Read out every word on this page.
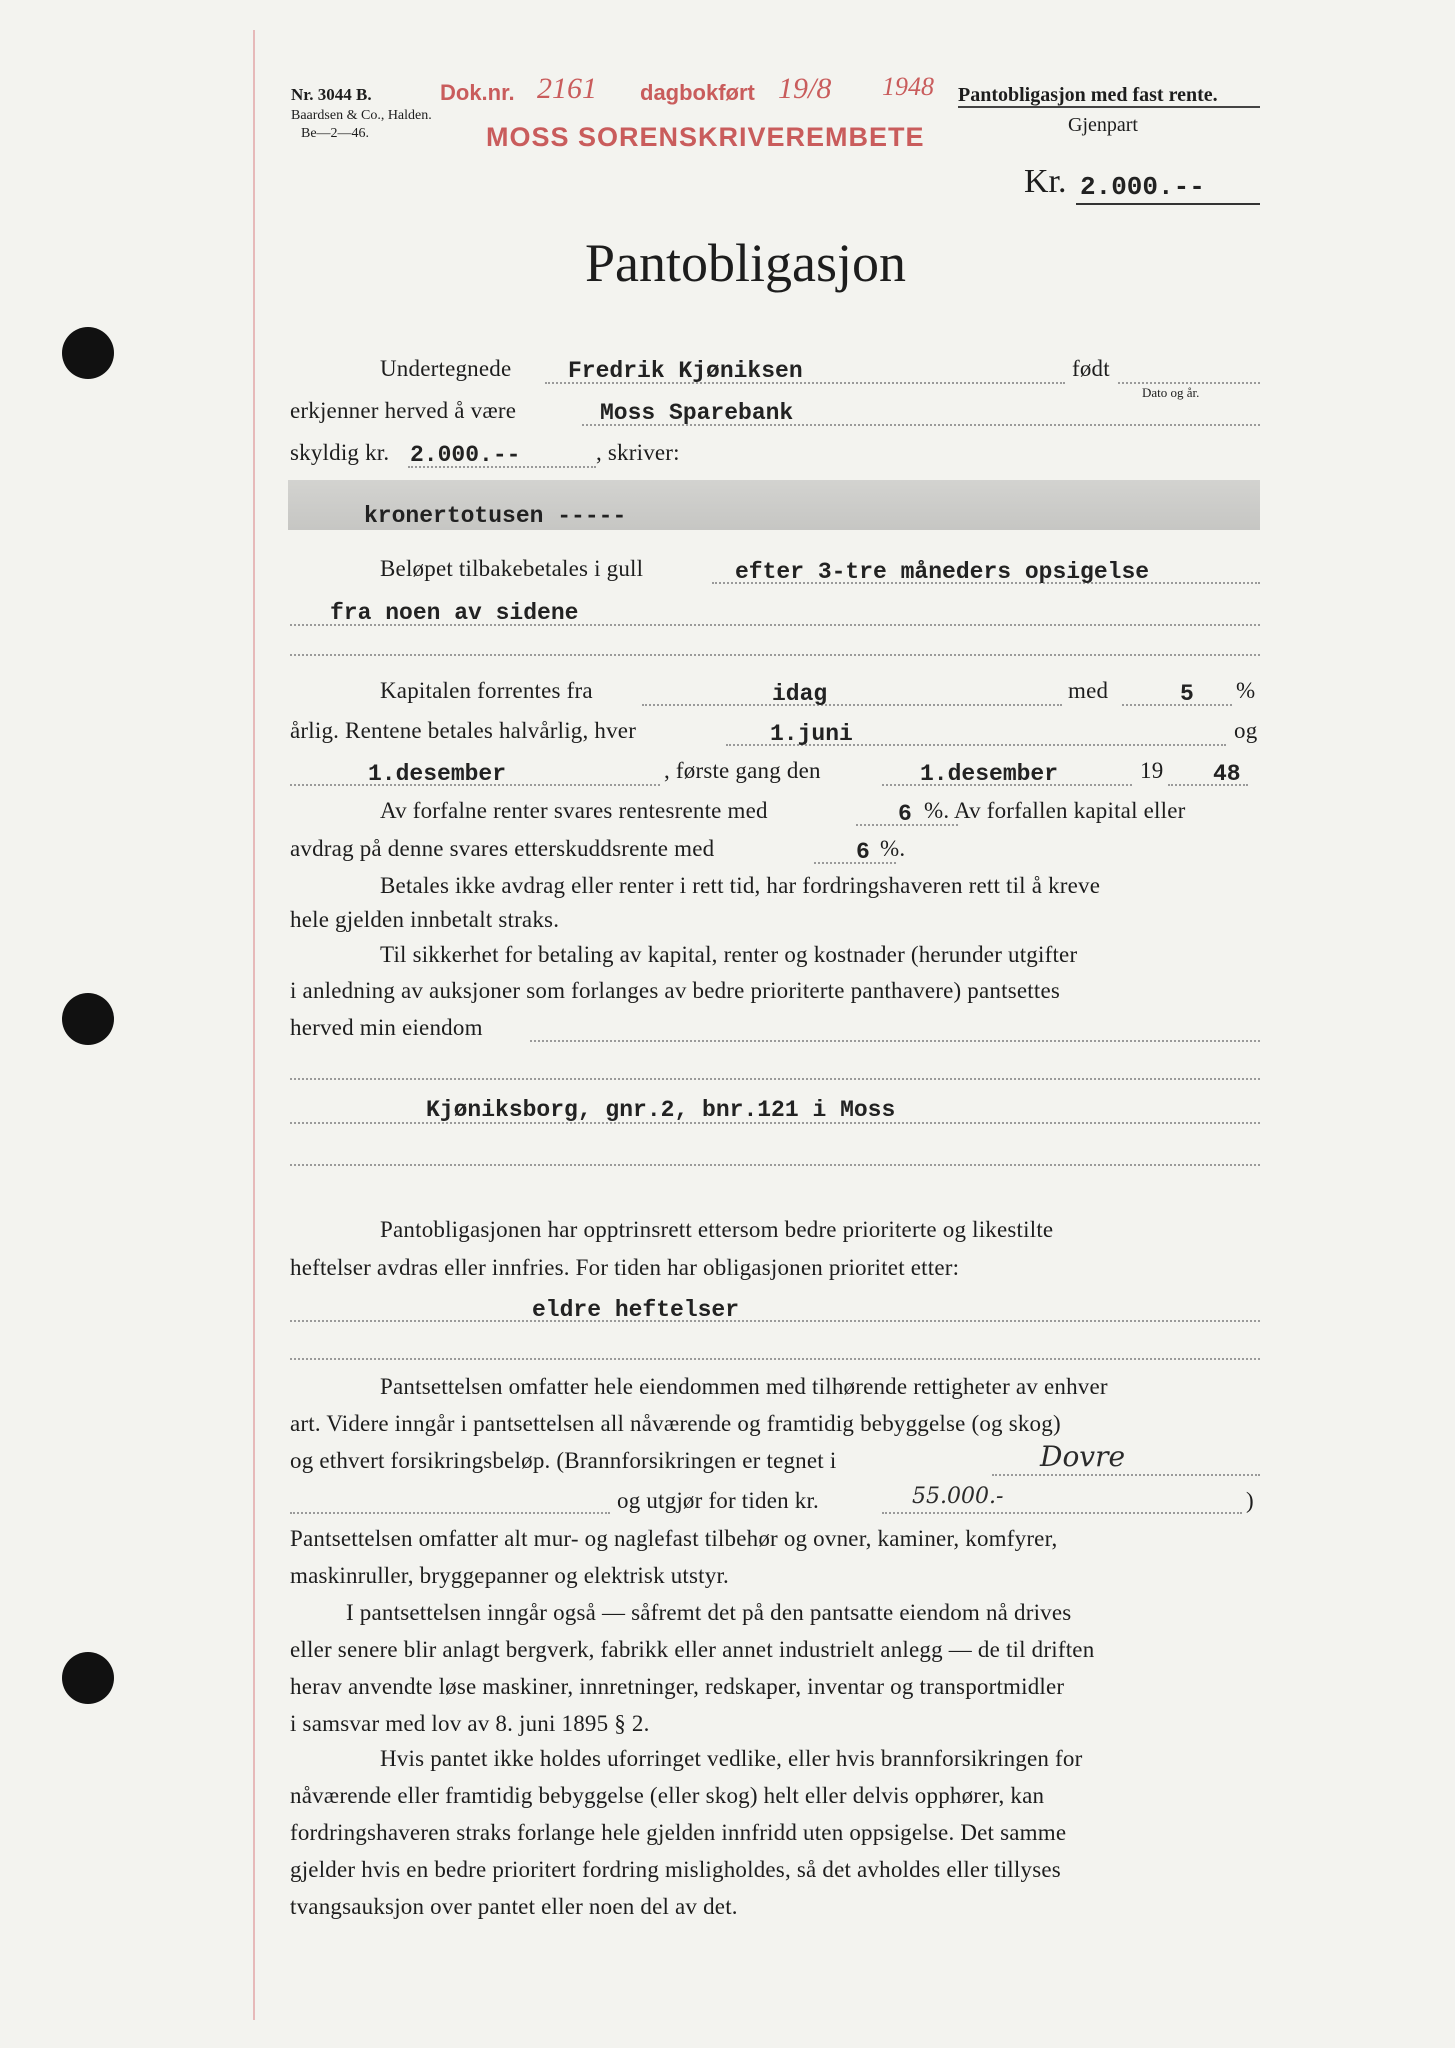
Nr. 3044 B.
Baardsen & Co., Halden.
Be—2—46.
Dok.nr. 2161 dagbokført 19/8 1948
MOSS SORENSKRIVEREMBETE
Pantobligasjon med fast rente.
Gjenpart
Kr. 2.000.--
Pantobligasjon
Undertegnede Fredrik Kjøniksen	født
Dato og år.
erkjenner herved å være	Moss Sparebank
skyldig kr. 2.000.--	, skriver:
kronertotusen -----
Beløpet tilbakebetales i gull	efter 3-tre måneders opsigelse
fra noen av sidene
Kapitalen forrentes fra	idag	med	5 %
årlig. Rentene betales halvårlig, hver	1.juni	og
1.desember	, første gang den	1.desember	19 48
Av forfalne renter svares rentesrente med	6 %. Av forfallen kapital eller
avdrag på denne svares etterskuddsrente med	6 %.
Betales ikke avdrag eller renter i rett tid, har fordringshaveren rett til å kreve
hele gjelden innbetalt straks.
Til sikkerhet for betaling av kapital, renter og kostnader (herunder utgifter
i anledning av auksjoner som forlanges av bedre prioriterte panthavere) pantsettes
herved min eiendom
Kjøniksborg, gnr.2, bnr.121 i Moss
Pantobligasjonen har opptrinsrett ettersom bedre prioriterte og likestilte
heftelser avdras eller innfries. For tiden har obligasjonen prioritet etter:
eldre heftelser
Pantsettelsen omfatter hele eiendommen med tilhørende rettigheter av enhver
art. Videre inngår i pantsettelsen all nåværende og framtidig bebyggelse (og skog)
og ethvert forsikringsbeløp. (Brannforsikringen er tegnet i	Dovre
og utgjør for tiden kr.	55.000.-	)
Pantsettelsen omfatter alt mur- og naglefast tilbehør og ovner, kaminer, komfyrer,
maskinruller, bryggepanner og elektrisk utstyr.
I pantsettelsen inngår også — såfremt det på den pantsatte eiendom nå drives
eller senere blir anlagt bergverk, fabrikk eller annet industrielt anlegg — de til driften
herav anvendte løse maskiner, innretninger, redskaper, inventar og transportmidler
i samsvar med lov av 8. juni 1895 § 2.
Hvis pantet ikke holdes uforringet vedlike, eller hvis brannforsikringen for
nåværende eller framtidig bebyggelse (eller skog) helt eller delvis opphører, kan
fordringshaveren straks forlange hele gjelden innfridd uten oppsigelse. Det samme
gjelder hvis en bedre prioritert fordring misligholdes, så det avholdes eller tillyses
tvangsauksjon over pantet eller noen del av det.
